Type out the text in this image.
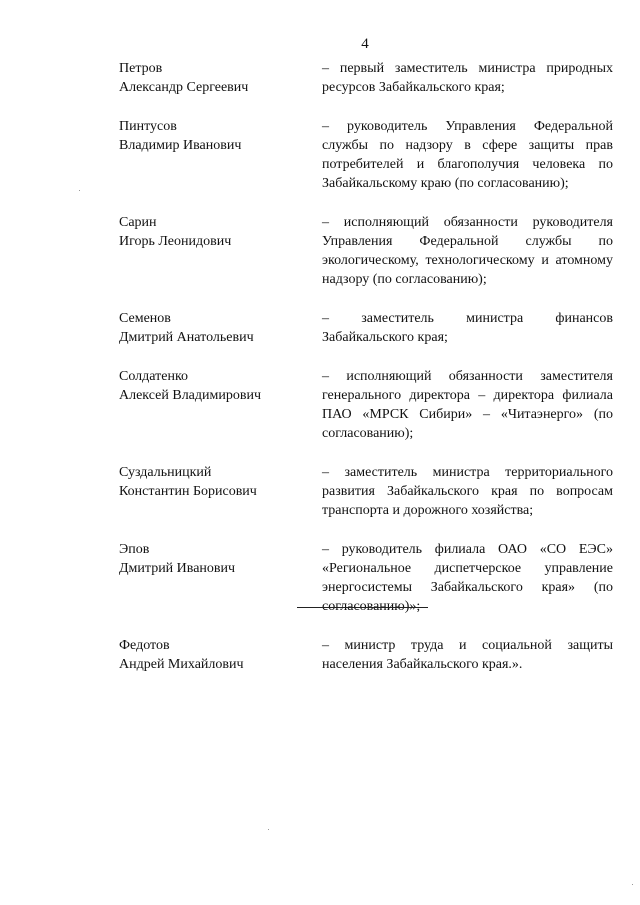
4
Петров
Александр Сергеевич
– первый заместитель министра природных ресурсов Забайкальского края;
Пинтусов
Владимир Иванович
– руководитель Управления Федеральной службы по надзору в сфере защиты прав потребителей и благополучия человека по Забайкальскому краю (по согласованию);
Сарин
Игорь Леонидович
– исполняющий обязанности руководителя Управления Федеральной службы по экологическому, технологическому и атомному надзору (по согласованию);
Семенов
Дмитрий Анатольевич
– заместитель министра финансов Забайкальского края;
Солдатенко
Алексей Владимирович
– исполняющий обязанности заместителя генерального директора – директора филиала ПАО «МРСК Сибири» – «Читаэнерго» (по согласованию);
Суздальницкий
Константин Борисович
– заместитель министра территориального развития Забайкальского края по вопросам транспорта и дорожного хозяйства;
Эпов
Дмитрий Иванович
– руководитель филиала ОАО «СО ЕЭС» «Региональное диспетчерское управление энергосистемы Забайкальского края» (по согласованию)»;
Федотов
Андрей Михайлович
– министр труда и социальной защиты населения Забайкальского края.».
